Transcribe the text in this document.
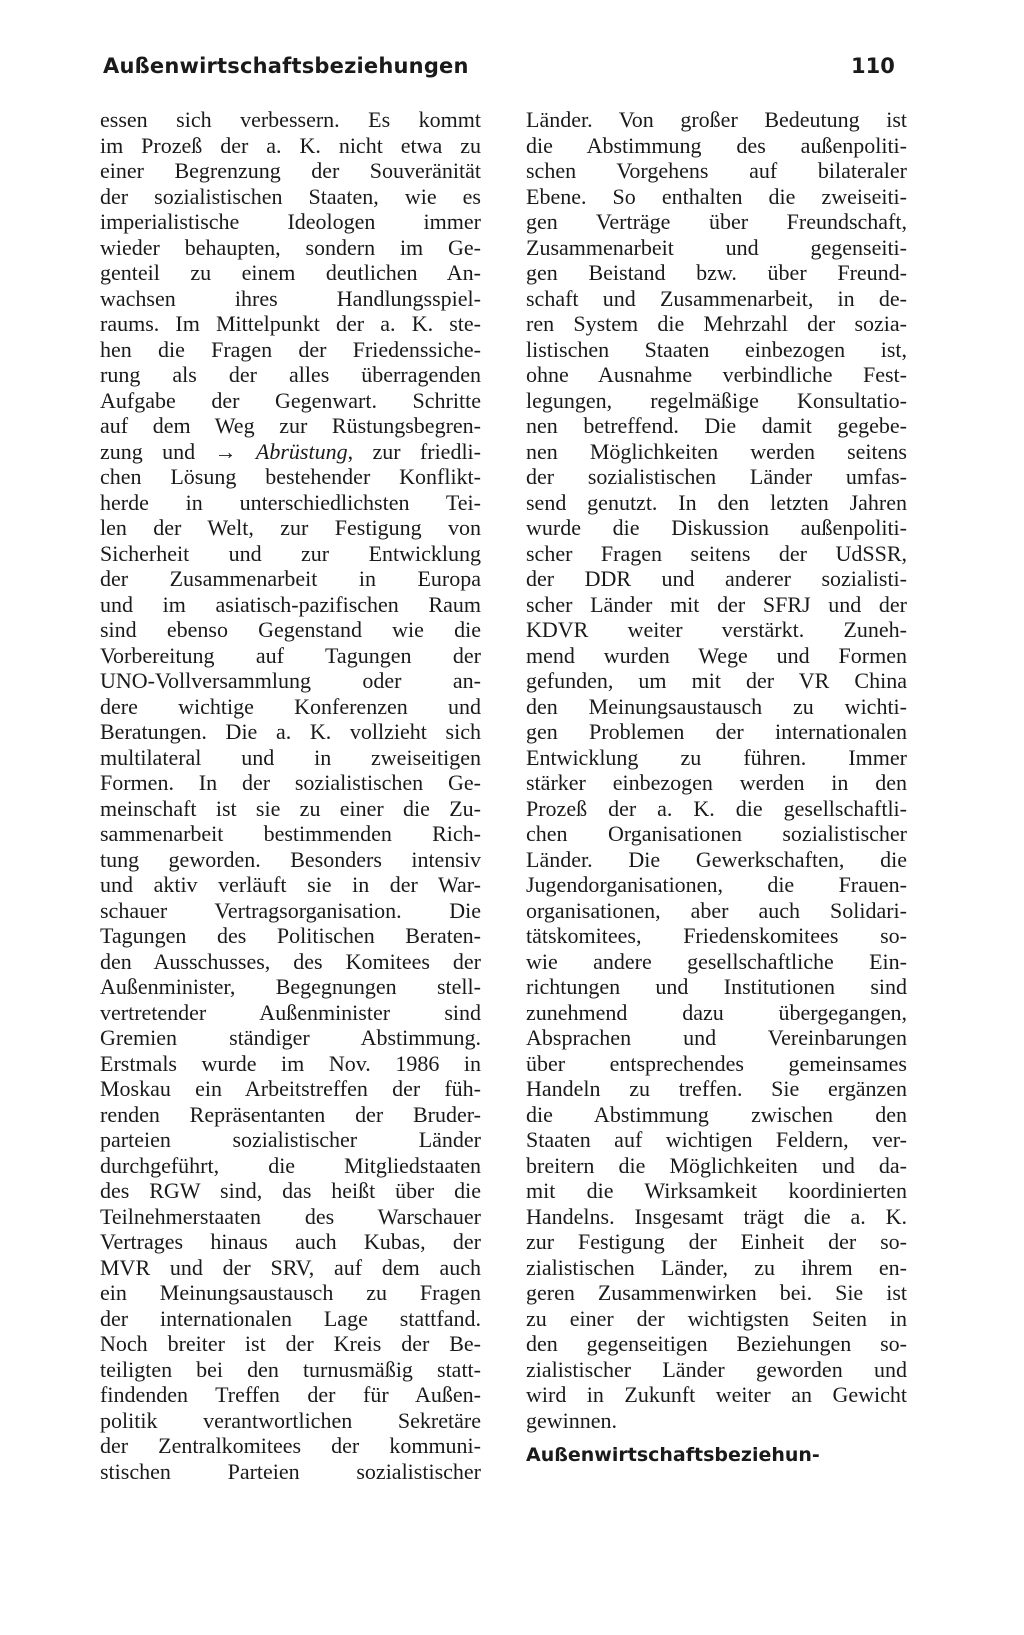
Außenwirtschaftsbeziehungen	110
essen sich verbessern. Es kommt
im Prozeß der a. K. nicht etwa zu
einer Begrenzung der Souveränität
der sozialistischen Staaten, wie es
imperialistische Ideologen immer
wieder behaupten, sondern im Ge-
genteil zu einem deutlichen An-
wachsen ihres Handlungsspiel-
raums. Im Mittelpunkt der a. K. ste-
hen die Fragen der Friedenssiche-
rung als der alles überragenden
Aufgabe der Gegenwart. Schritte
auf dem Weg zur Rüstungsbegren-
zung und → Abrüstung, zur friedli-
chen Lösung bestehender Konflikt-
herde in unterschiedlichsten Tei-
len der Welt, zur Festigung von
Sicherheit und zur Entwicklung
der Zusammenarbeit in Europa
und im asiatisch-pazifischen Raum
sind ebenso Gegenstand wie die
Vorbereitung auf Tagungen der
UNO-Vollversammlung oder an-
dere wichtige Konferenzen und
Beratungen. Die a. K. vollzieht sich
multilateral und in zweiseitigen
Formen. In der sozialistischen Ge-
meinschaft ist sie zu einer die Zu-
sammenarbeit bestimmenden Rich-
tung geworden. Besonders intensiv
und aktiv verläuft sie in der War-
schauer Vertragsorganisation. Die
Tagungen des Politischen Beraten-
den Ausschusses, des Komitees der
Außenminister, Begegnungen stell-
vertretender Außenminister sind
Gremien ständiger Abstimmung.
Erstmals wurde im Nov. 1986 in
Moskau ein Arbeitstreffen der füh-
renden Repräsentanten der Bruder-
parteien sozialistischer Länder
durchgeführt, die Mitgliedstaaten
des RGW sind, das heißt über die
Teilnehmerstaaten des Warschauer
Vertrages hinaus auch Kubas, der
MVR und der SRV, auf dem auch
ein Meinungsaustausch zu Fragen
der internationalen Lage stattfand.
Noch breiter ist der Kreis der Be-
teiligten bei den turnusmäßig statt-
findenden Treffen der für Außen-
politik verantwortlichen Sekretäre
der Zentralkomitees der kommuni-
stischen Parteien sozialistischer
Länder. Von großer Bedeutung ist
die Abstimmung des außenpoliti-
schen Vorgehens auf bilateraler
Ebene. So enthalten die zweiseiti-
gen Verträge über Freundschaft,
Zusammenarbeit und gegenseiti-
gen Beistand bzw. über Freund-
schaft und Zusammenarbeit, in de-
ren System die Mehrzahl der sozia-
listischen Staaten einbezogen ist,
ohne Ausnahme verbindliche Fest-
legungen, regelmäßige Konsultatio-
nen betreffend. Die damit gegebe-
nen Möglichkeiten werden seitens
der sozialistischen Länder umfas-
send genutzt. In den letzten Jahren
wurde die Diskussion außenpoliti-
scher Fragen seitens der UdSSR,
der DDR und anderer sozialisti-
scher Länder mit der SFRJ und der
KDVR weiter verstärkt. Zuneh-
mend wurden Wege und Formen
gefunden, um mit der VR China
den Meinungsaustausch zu wichti-
gen Problemen der internationalen
Entwicklung zu führen. Immer
stärker einbezogen werden in den
Prozeß der a. K. die gesellschaftli-
chen Organisationen sozialistischer
Länder. Die Gewerkschaften, die
Jugendorganisationen, die Frauen-
organisationen, aber auch Solidari-
tätskomitees, Friedenskomitees so-
wie andere gesellschaftliche Ein-
richtungen und Institutionen sind
zunehmend dazu übergegangen,
Absprachen und Vereinbarungen
über entsprechendes gemeinsames
Handeln zu treffen. Sie ergänzen
die Abstimmung zwischen den
Staaten auf wichtigen Feldern, ver-
breitern die Möglichkeiten und da-
mit die Wirksamkeit koordinierten
Handelns. Insgesamt trägt die a. K.
zur Festigung der Einheit der so-
zialistischen Länder, zu ihrem en-
geren Zusammenwirken bei. Sie ist
zu einer der wichtigsten Seiten in
den gegenseitigen Beziehungen so-
zialistischer Länder geworden und
wird in Zukunft weiter an Gewicht
gewinnen.
Außenwirtschaftsbeziehun-
